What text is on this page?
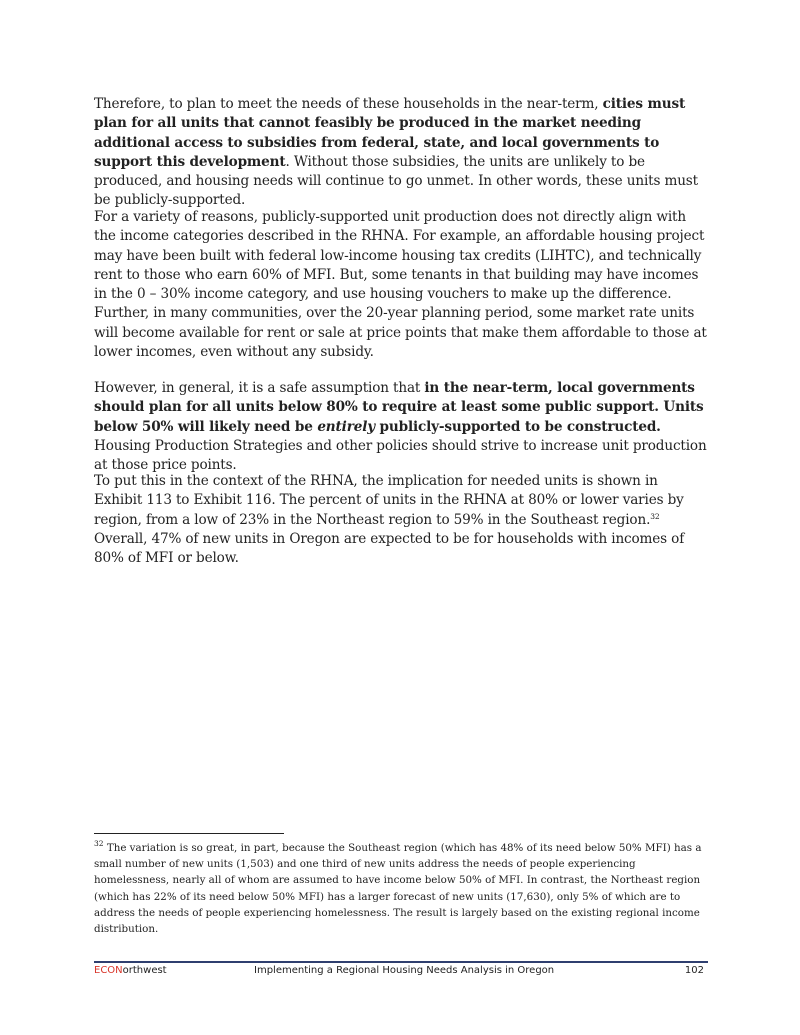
Therefore, to plan to meet the needs of these households in the near-term, cities must plan for all units that cannot feasibly be produced in the market needing additional access to subsidies from federal, state, and local governments to support this development. Without those subsidies, the units are unlikely to be produced, and housing needs will continue to go unmet. In other words, these units must be publicly-supported.

For a variety of reasons, publicly-supported unit production does not directly align with the income categories described in the RHNA. For example, an affordable housing project may have been built with federal low-income housing tax credits (LIHTC), and technically rent to those who earn 60% of MFI. But, some tenants in that building may have incomes in the 0 – 30% income category, and use housing vouchers to make up the difference. Further, in many communities, over the 20-year planning period, some market rate units will become available for rent or sale at price points that make them affordable to those at lower incomes, even without any subsidy.

However, in general, it is a safe assumption that in the near-term, local governments should plan for all units below 80% to require at least some public support. Units below 50% will likely need be entirely publicly-supported to be constructed. Housing Production Strategies and other policies should strive to increase unit production at those price points.

To put this in the context of the RHNA, the implication for needed units is shown in Exhibit 113 to Exhibit 116. The percent of units in the RHNA at 80% or lower varies by region, from a low of 23% in the Northeast region to 59% in the Southeast region.$^{32}$ Overall, 47% of new units in Oregon are expected to be for households with incomes of 80% of MFI or below.

$^{32}$ The variation is so great, in part, because the Southeast region (which has 48% of its need below 50% MFI) has a small number of new units (1,503) and one third of new units address the needs of people experiencing homelessness, nearly all of whom are assumed to have income below 50% of MFI. In contrast, the Northeast region (which has 22% of its need below 50% MFI) has a larger forecast of new units (17,630), only 5% of which are to address the needs of people experiencing homelessness. The result is largely based on the existing regional income distribution.

ECONorthwest	Implementing a Regional Housing Needs Analysis in Oregon	102
